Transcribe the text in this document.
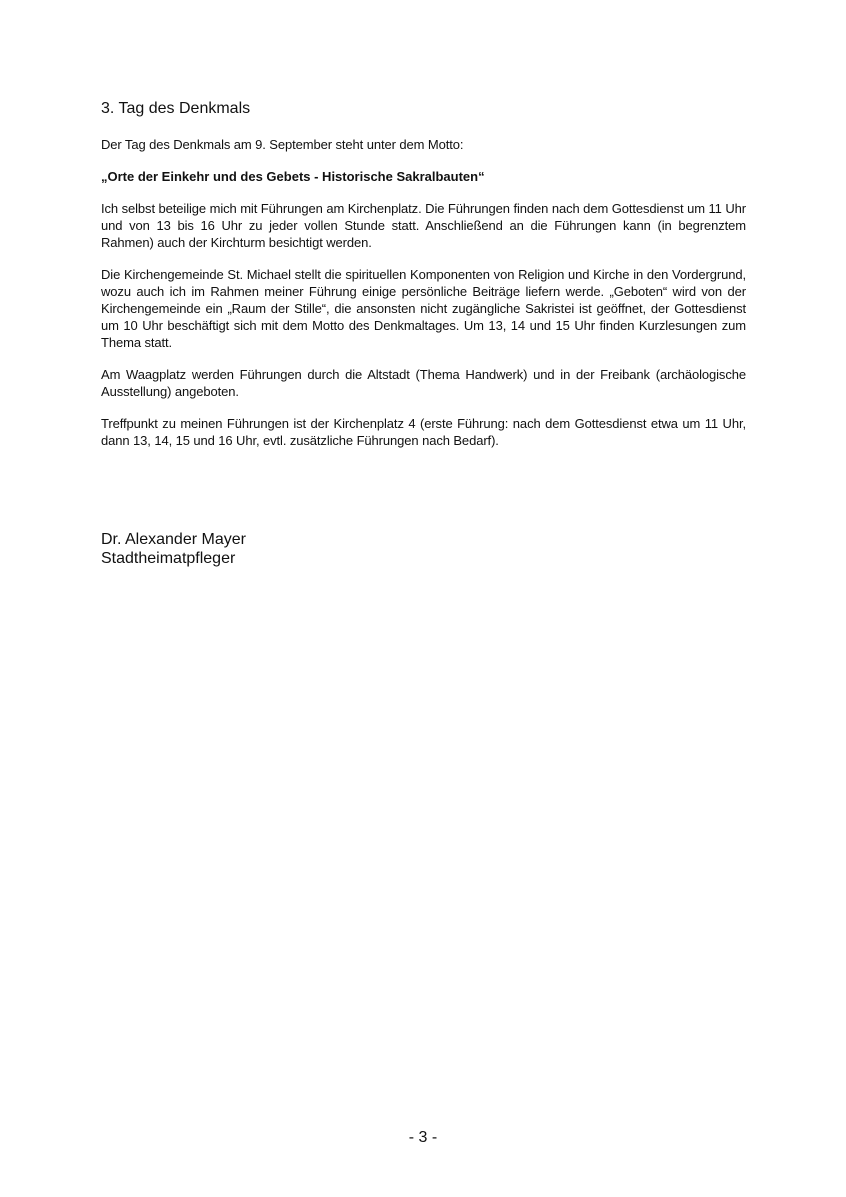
3. Tag des Denkmals

Der Tag des Denkmals am 9. September steht unter dem Motto:

„Orte der Einkehr und des Gebets - Historische Sakralbauten“

Ich selbst beteilige mich mit Führungen am Kirchenplatz. Die Führungen finden nach dem Gottesdienst um 11 Uhr und von 13 bis 16 Uhr zu jeder vollen Stunde statt. Anschließend an die Führungen kann (in begrenztem Rahmen) auch der Kirchturm besichtigt werden.

Die Kirchengemeinde St. Michael stellt die spirituellen Komponenten von Religion und Kirche in den Vordergrund, wozu auch ich im Rahmen meiner Führung einige persönliche Beiträge liefern werde. „Geboten“ wird von der Kirchengemeinde ein „Raum der Stille“, die ansonsten nicht zugängliche Sakristei ist geöffnet, der Gottesdienst um 10 Uhr beschäftigt sich mit dem Motto des Denkmaltages. Um 13, 14 und 15 Uhr finden Kurzlesungen zum Thema statt.

Am Waagplatz werden Führungen durch die Altstadt (Thema Handwerk) und in der Freibank (archäologische Ausstellung) angeboten.

Treffpunkt zu meinen Führungen ist der Kirchenplatz 4 (erste Führung: nach dem Gottesdienst etwa um 11 Uhr, dann 13, 14, 15 und 16 Uhr, evtl. zusätzliche Führungen nach Bedarf).

Dr. Alexander Mayer
Stadtheimatpfleger
- 3 -
